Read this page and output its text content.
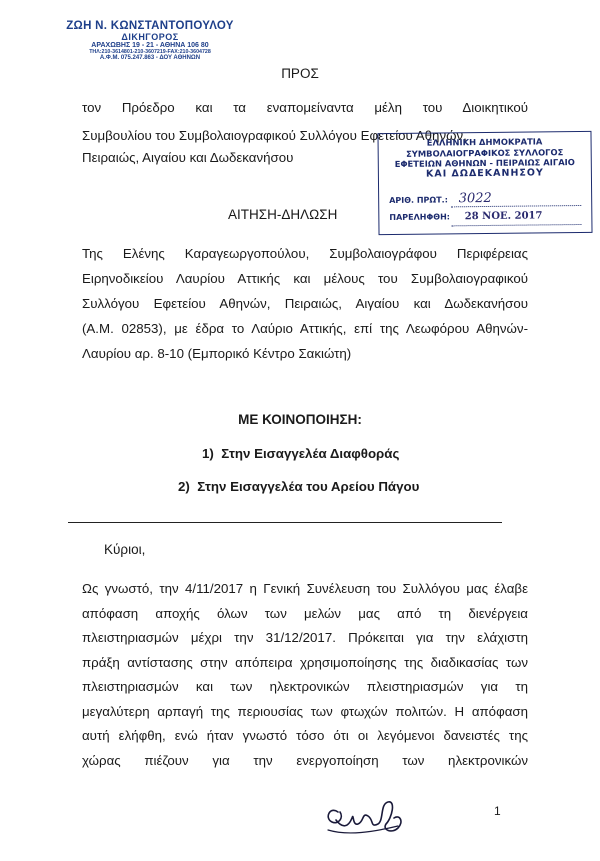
ΖΩΗ Ν. ΚΩΝΣΤΑΝΤΟΠΟΥΛΟΥ
ΔΙΚΗΓΟΡΟΣ
ΑΡΑΧΩΒΗΣ 19 - 21 - ΑΘΗΝΑ 106 80
ΤΗΛ:210-3614801-210-3607219-FAX:210-3604728
Α.Φ.Μ. 075.247.863 - ΔΟΥ ΑΘΗΝΩΝ
ΠΡΟΣ
τον Πρόεδρο και τα εναπομείναντα μέλη του Διοικητικού
Συμβουλίου του Συμβολαιογραφικού Συλλόγου Εφετείου Αθηνών,
Πειραιώς, Αιγαίου και Δωδεκανήσου
ΕΛΛΗΝΙΚΗ ΔΗΜΟΚΡΑΤΙΑ
ΣΥΜΒΟΛΑΙΟΓΡΑΦΙΚΟΣ ΣΥΛΛΟΓΟΣ
ΕΦΕΤΕΙΩΝ ΑΘΗΝΩΝ - ΠΕΙΡΑΙΩΣ ΑΙΓΑΙΟ
ΚΑΙ ΔΩΔΕΚΑΝΗΣΟΥ
ΑΡΙΘ. ΠΡΩΤ.: 3022
ΠΑΡΕΛΗΦΘΗ: 28 ΝΟΕ. 2017
ΑΙΤΗΣΗ-ΔΗΛΩΣΗ
Της Ελένης Καραγεωργοπούλου, Συμβολαιογράφου Περιφέρειας
Ειρηνοδικείου Λαυρίου Αττικής και μέλους του Συμβολαιογραφικού
Συλλόγου Εφετείου Αθηνών, Πειραιώς, Αιγαίου και Δωδεκανήσου
(Α.Μ. 02853), με έδρα το Λαύριο Αττικής, επί της Λεωφόρου Αθηνών-
Λαυρίου αρ. 8-10 (Εμπορικό Κέντρο Σακιώτη)
ΜΕ ΚΟΙΝΟΠΟΙΗΣΗ:
1)  Στην Εισαγγελέα Διαφθοράς
2)  Στην Εισαγγελέα του Αρείου Πάγου
Κύριοι,
Ως γνωστό, την 4/11/2017 η Γενική Συνέλευση του Συλλόγου μας έλαβε
απόφαση αποχής όλων των μελών μας από τη διενέργεια
πλειστηριασμών μέχρι την 31/12/2017. Πρόκειται για την ελάχιστη
πράξη αντίστασης στην απόπειρα χρησιμοποίησης της διαδικασίας των
πλειστηριασμών και των ηλεκτρονικών πλειστηριασμών για τη
μεγαλύτερη αρπαγή της περιουσίας των φτωχών πολιτών. Η απόφαση
αυτή ελήφθη, ενώ ήταν γνωστό τόσο ότι οι λεγόμενοι δανειστές της
χώρας πιέζουν για την ενεργοποίηση των ηλεκτρονικών
1
